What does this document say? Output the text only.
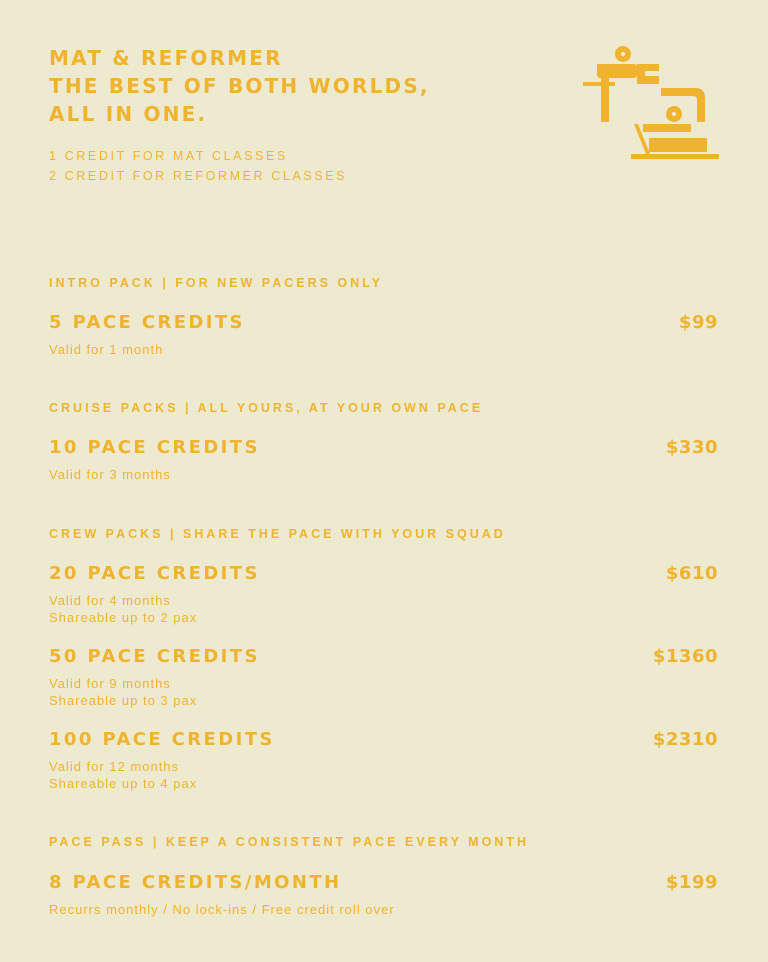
MAT & REFORMER
THE BEST OF BOTH WORLDS,
ALL IN ONE.
1 CREDIT FOR MAT CLASSES
2 CREDIT FOR REFORMER CLASSES
INTRO PACK | FOR NEW PACERS ONLY
5 PACE CREDITS	$99
Valid for 1 month
CRUISE PACKS | ALL YOURS, AT YOUR OWN PACE
10 PACE CREDITS	$330
Valid for 3 months
CREW PACKS | SHARE THE PACE WITH YOUR SQUAD
20 PACE CREDITS	$610
Valid for 4 months
Shareable up to 2 pax
50 PACE CREDITS	$1360
Valid for 9 months
Shareable up to 3 pax
100 PACE CREDITS	$2310
Valid for 12 months
Shareable up to 4 pax
PACE PASS | KEEP A CONSISTENT PACE EVERY MONTH
8 PACE CREDITS/MONTH	$199
Recurrs monthly / No lock-ins / Free credit roll over
